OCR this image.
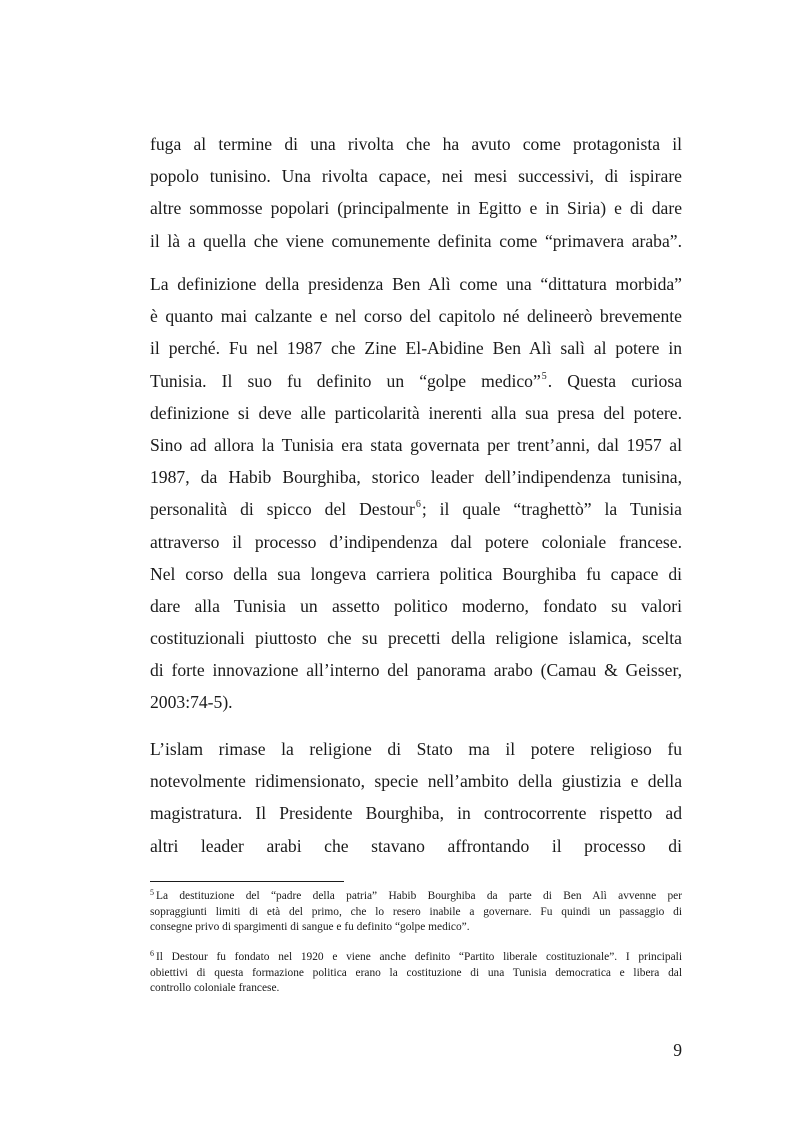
fuga al termine di una rivolta che ha avuto come protagonista il
popolo tunisino. Una rivolta capace, nei mesi successivi, di ispirare
altre sommosse popolari (principalmente in Egitto e in Siria) e di dare
il là a quella che viene comunemente definita come “primavera araba”.
La definizione della presidenza Ben Alì come una “dittatura morbida”
è quanto mai calzante e nel corso del capitolo né delineerò brevemente
il perché. Fu nel 1987 che Zine El-Abidine Ben Alì salì al potere in
Tunisia. Il suo fu definito un “golpe medico”$^5$. Questa curiosa
definizione si deve alle particolarità inerenti alla sua presa del potere.
Sino ad allora la Tunisia era stata governata per trent’anni, dal 1957 al
1987, da Habib Bourghiba, storico leader dell’indipendenza tunisina,
personalità di spicco del Destour$^6$; il quale “traghettò” la Tunisia
attraverso il processo d’indipendenza dal potere coloniale francese.
Nel corso della sua longeva carriera politica Bourghiba fu capace di
dare alla Tunisia un assetto politico moderno, fondato su valori
costituzionali piuttosto che su precetti della religione islamica, scelta
di forte innovazione all’interno del panorama arabo (Camau & Geisser,
2003:74-5).
L’islam rimase la religione di Stato ma il potere religioso fu
notevolmente ridimensionato, specie nell’ambito della giustizia e della
magistratura. Il Presidente Bourghiba, in controcorrente rispetto ad
altri leader arabi che stavano affrontando il processo di
$^5$ La destituzione del “padre della patria” Habib Bourghiba da parte di Ben Alì avvenne per
sopraggiunti limiti di età del primo, che lo resero inabile a governare. Fu quindi un passaggio di
consegne privo di spargimenti di sangue e fu definito “golpe medico”.
$^6$ Il Destour fu fondato nel 1920 e viene anche definito “Partito liberale costituzionale”. I principali
obiettivi di questa formazione politica erano la costituzione di una Tunisia democratica e libera dal
controllo coloniale francese.
9
